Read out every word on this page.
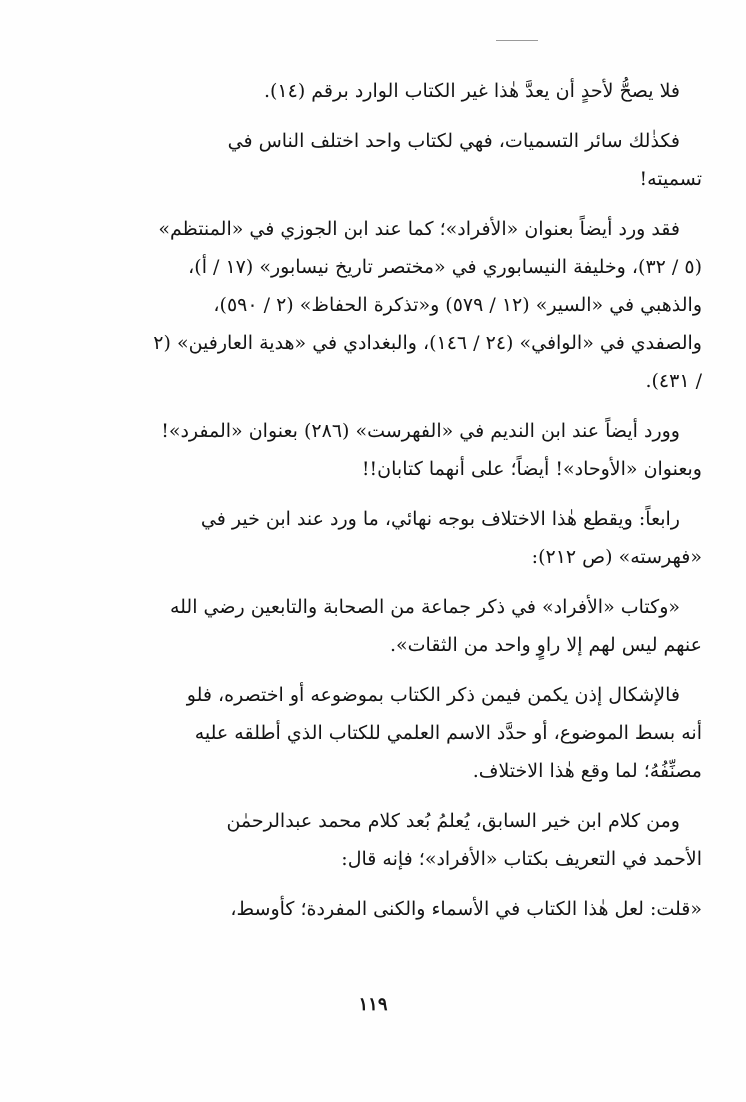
فلا يصحُّ لأحدٍ أن يعدَّ هٰذا غير الكتاب الوارد برقم (١٤).
فكذٰلك سائر التسميات، فهي لكتاب واحد اختلف الناس في
تسميته!
فقد ورد أيضاً بعنوان «الأفراد»؛ كما عند ابن الجوزي في «المنتظم»
(٥ / ٣٢)، وخليفة النيسابوري في «مختصر تاريخ نيسابور» (١٧ / أ)،
والذهبي في «السير» (١٢ / ٥٧٩) و«تذكرة الحفاظ» (٢ / ٥٩٠)،
والصفدي في «الوافي» (٢٤ / ١٤٦)، والبغدادي في «هدية العارفين» (٢
/ ٤٣١).
وورد أيضاً عند ابن النديم في «الفهرست» (٢٨٦) بعنوان «المفرد»!
وبعنوان «الأوحاد»! أيضاً؛ على أنهما كتابان!!
رابعاً: ويقطع هٰذا الاختلاف بوجه نهائي، ما ورد عند ابن خير في
«فهرسته» (ص ٢١٢):
«وكتاب «الأفراد» في ذكر جماعة من الصحابة والتابعين رضي الله
عنهم ليس لهم إلا راوٍ واحد من الثقات».
فالإشكال إذن يكمن فيمن ذكر الكتاب بموضوعه أو اختصره، فلو
أنه بسط الموضوع، أو حدَّد الاسم العلمي للكتاب الذي أطلقه عليه
مصنِّفُهُ؛ لما وقع هٰذا الاختلاف.
ومن كلام ابن خير السابق، يُعلمُ بُعد كلام محمد عبدالرحمٰن
الأحمد في التعريف بكتاب «الأفراد»؛ فإنه قال:
«قلت: لعل هٰذا الكتاب في الأسماء والكنى المفردة؛ كأوسط،
١١٩
